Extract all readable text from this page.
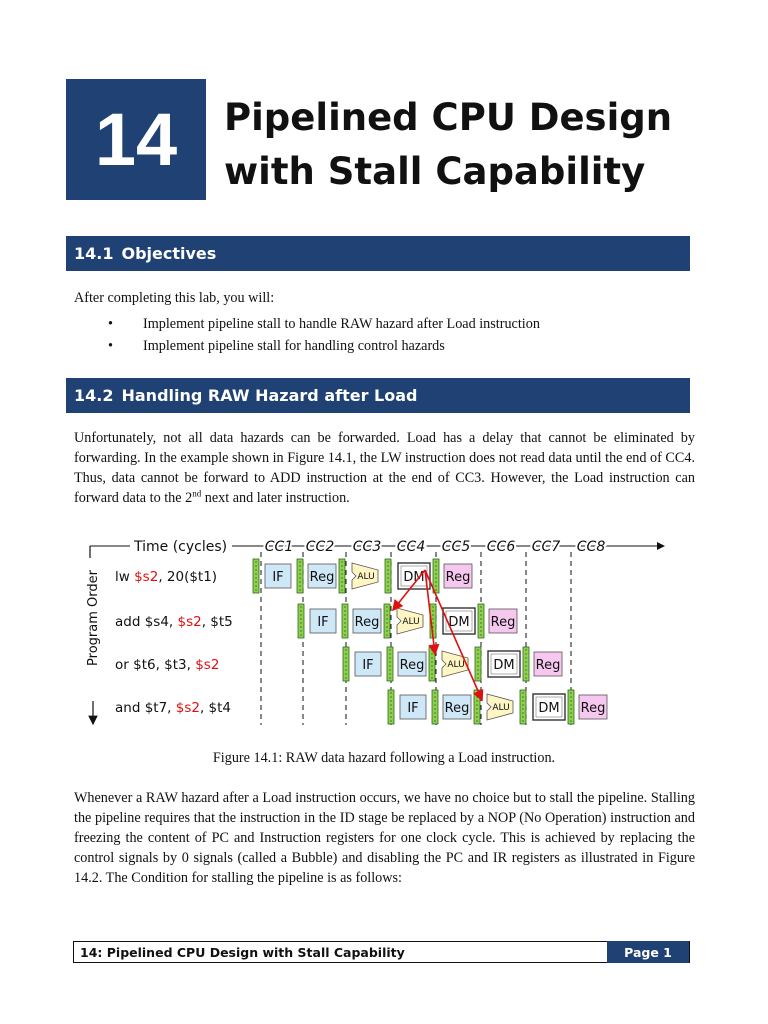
14 Pipelined CPU Design
with Stall Capability
14.1 Objectives
After completing this lab, you will:
• Implement pipeline stall to handle RAW hazard after Load instruction
• Implement pipeline stall for handling control hazards
14.2 Handling RAW Hazard after Load
Unfortunately, not all data hazards can be forwarded. Load has a delay that cannot be eliminated by forwarding. In the example shown in Figure 14.1, the LW instruction does not read data until the end of CC4. Thus, data cannot be forward to ADD instruction at the end of CC3. However, the Load instruction can forward data to the 2nd next and later instruction.
Time (cycles)	CC1 CC2 CC3 CC4 CC5 CC6 CC7 CC8
Program Order lw $s2, 20($t1)
add $s4, $s2, $t5
or $t6, $t3, $s2
and $t7, $s2, $t4
IF Reg	ALU DM Reg
IF Reg	ALU DM Reg
IF Reg	ALU DM Reg
IF Reg	ALU DM Reg
Figure 14.1: RAW data hazard following a Load instruction.
Whenever a RAW hazard after a Load instruction occurs, we have no choice but to stall the pipeline. Stalling the pipeline requires that the instruction in the ID stage be replaced by a NOP (No Operation) instruction and freezing the content of PC and Instruction registers for one clock cycle. This is achieved by replacing the control signals by 0 signals (called a Bubble) and disabling the PC and IR registers as illustrated in Figure 14.2. The Condition for stalling the pipeline is as follows:
14: Pipelined CPU Design with Stall Capability	Page 1
